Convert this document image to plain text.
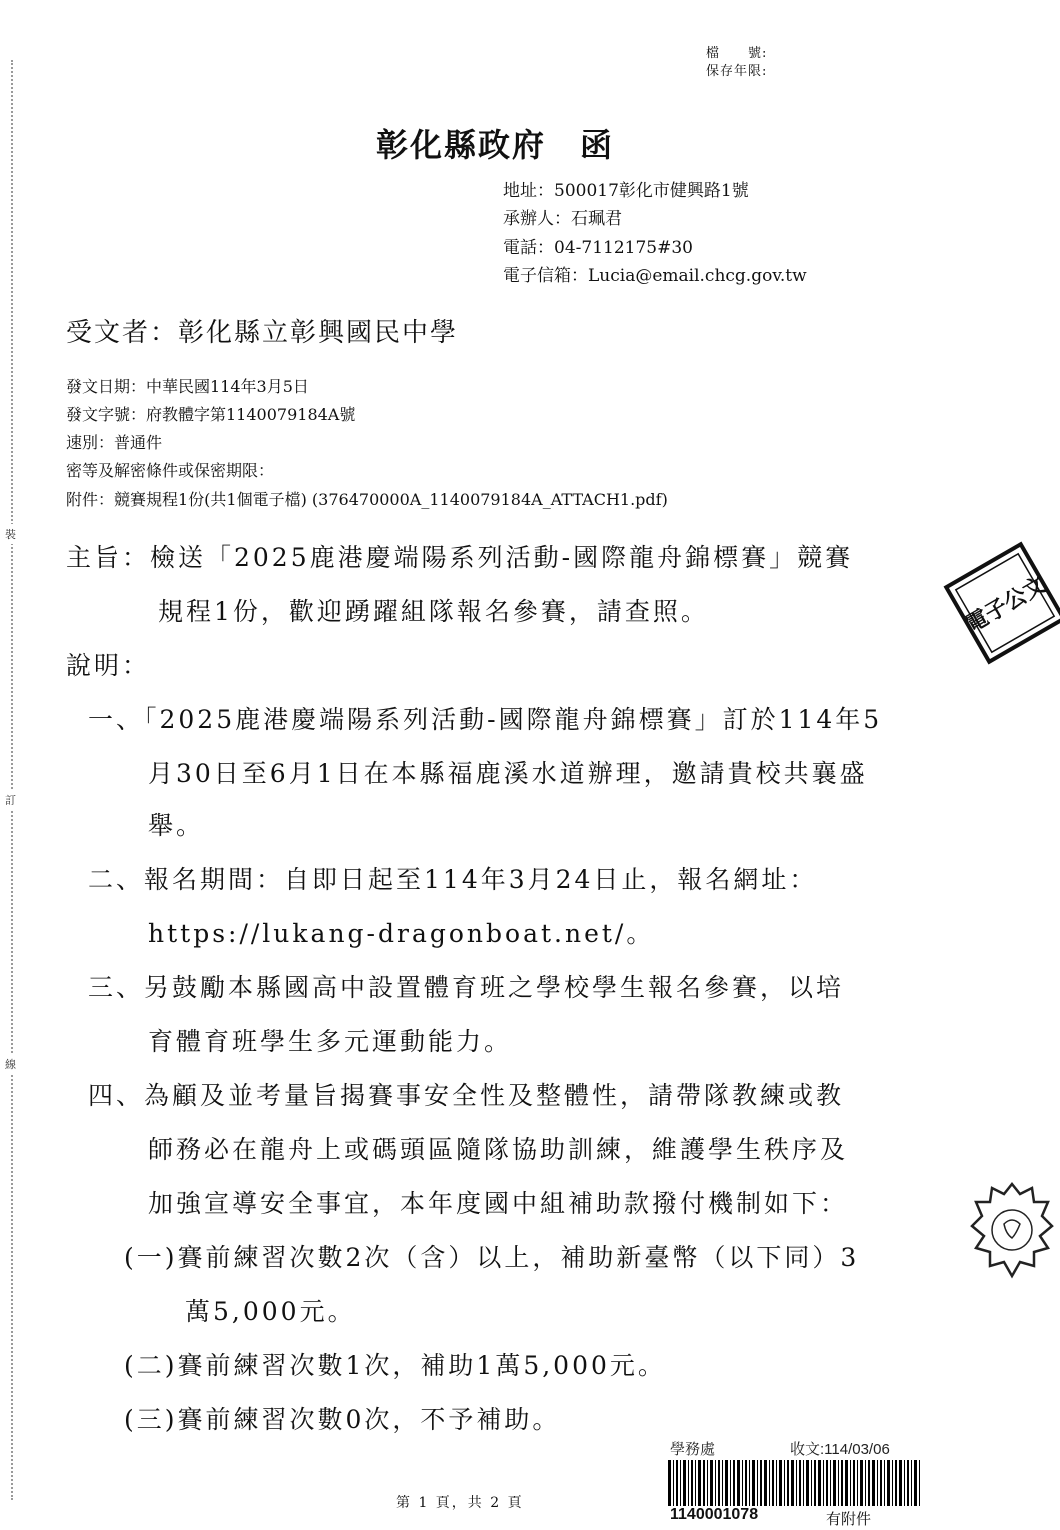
裝
訂
線
檔　　號:
保存年限:
彰化縣政府　函
地址：500017彰化市健興路1號
承辦人：石珮君
電話：04-7112175#30
電子信箱：Lucia@email.chcg.gov.tw
受文者：彰化縣立彰興國民中學
發文日期：中華民國114年3月5日
發文字號：府教體字第1140079184A號
速別：普通件
密等及解密條件或保密期限：
附件：競賽規程1份(共1個電子檔) (376470000A_1140079184A_ATTACH1.pdf)
主旨：檢送「2025鹿港慶端陽系列活動-國際龍舟錦標賽」競賽
規程1份，歡迎踴躍組隊報名參賽，請查照。
說明：
一、「2025鹿港慶端陽系列活動-國際龍舟錦標賽」訂於114年5
月30日至6月1日在本縣福鹿溪水道辦理，邀請貴校共襄盛
舉。
二、報名期間：自即日起至114年3月24日止，報名網址：
https://lukang-dragonboat.net/。
三、另鼓勵本縣國高中設置體育班之學校學生報名參賽，以培
育體育班學生多元運動能力。
四、為顧及並考量旨揭賽事安全性及整體性，請帶隊教練或教
師務必在龍舟上或碼頭區隨隊協助訓練，維護學生秩序及
加強宣導安全事宜，本年度國中組補助款撥付機制如下：
(一)賽前練習次數2次（含）以上，補助新臺幣（以下同）3
萬5,000元。
(二)賽前練習次數1次，補助1萬5,000元。
(三)賽前練習次數0次，不予補助。
電子公文
學務處	收文:114/03/06
1140001078	有附件
第 1 頁，共 2 頁
